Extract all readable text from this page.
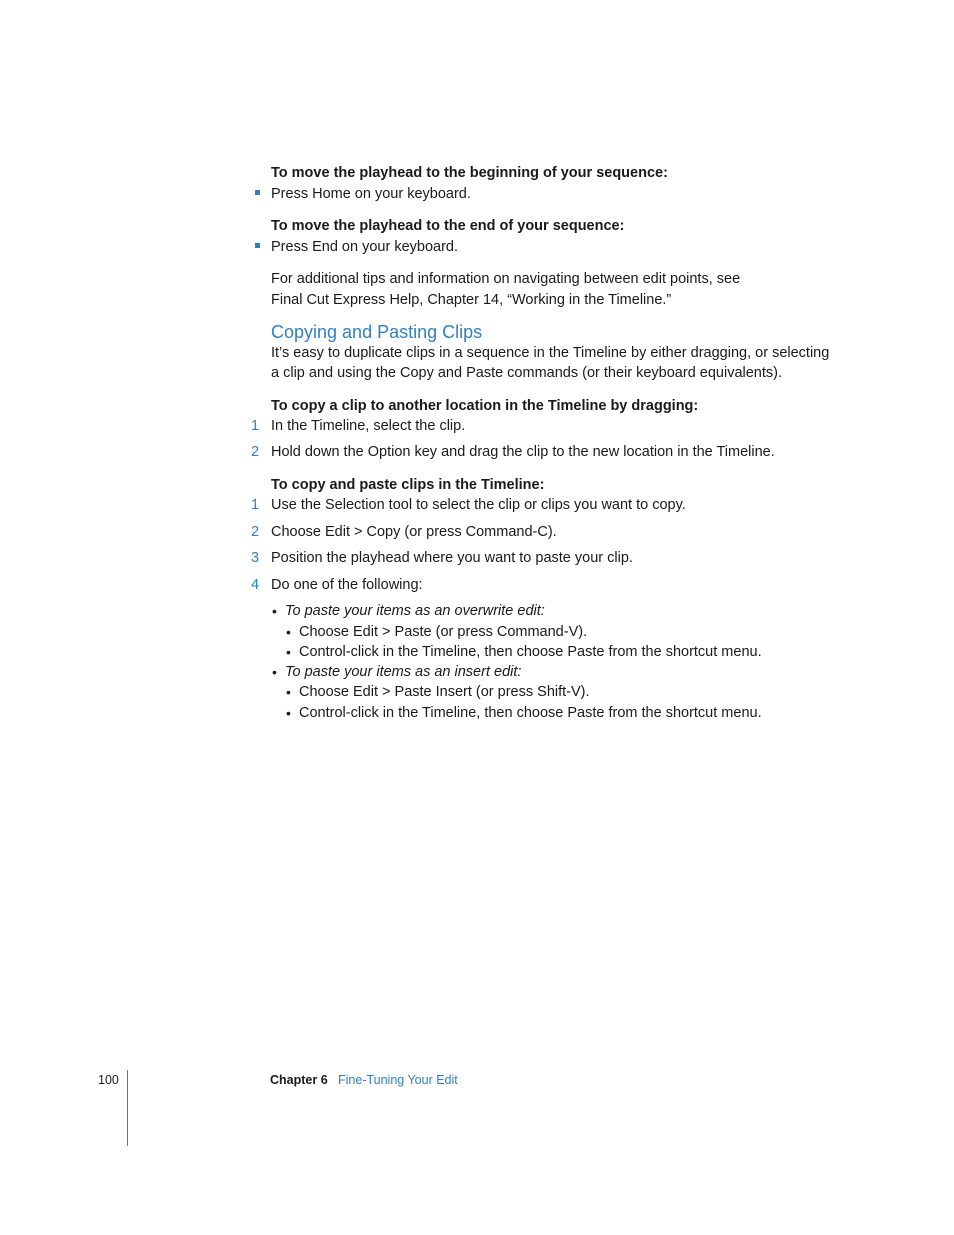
To move the playhead to the beginning of your sequence:
Press Home on your keyboard.
To move the playhead to the end of your sequence:
Press End on your keyboard.
For additional tips and information on navigating between edit points, see
Final Cut Express Help, Chapter 14, “Working in the Timeline.”
Copying and Pasting Clips
It’s easy to duplicate clips in a sequence in the Timeline by either dragging, or selecting
a clip and using the Copy and Paste commands (or their keyboard equivalents).
To copy a clip to another location in the Timeline by dragging:
1 In the Timeline, select the clip.
2 Hold down the Option key and drag the clip to the new location in the Timeline.
To copy and paste clips in the Timeline:
1 Use the Selection tool to select the clip or clips you want to copy.
2 Choose Edit > Copy (or press Command-C).
3 Position the playhead where you want to paste your clip.
4 Do one of the following:
• To paste your items as an overwrite edit:
• Choose Edit > Paste (or press Command-V).
• Control-click in the Timeline, then choose Paste from the shortcut menu.
• To paste your items as an insert edit:
• Choose Edit > Paste Insert (or press Shift-V).
• Control-click in the Timeline, then choose Paste from the shortcut menu.
100	Chapter 6 Fine-Tuning Your Edit
